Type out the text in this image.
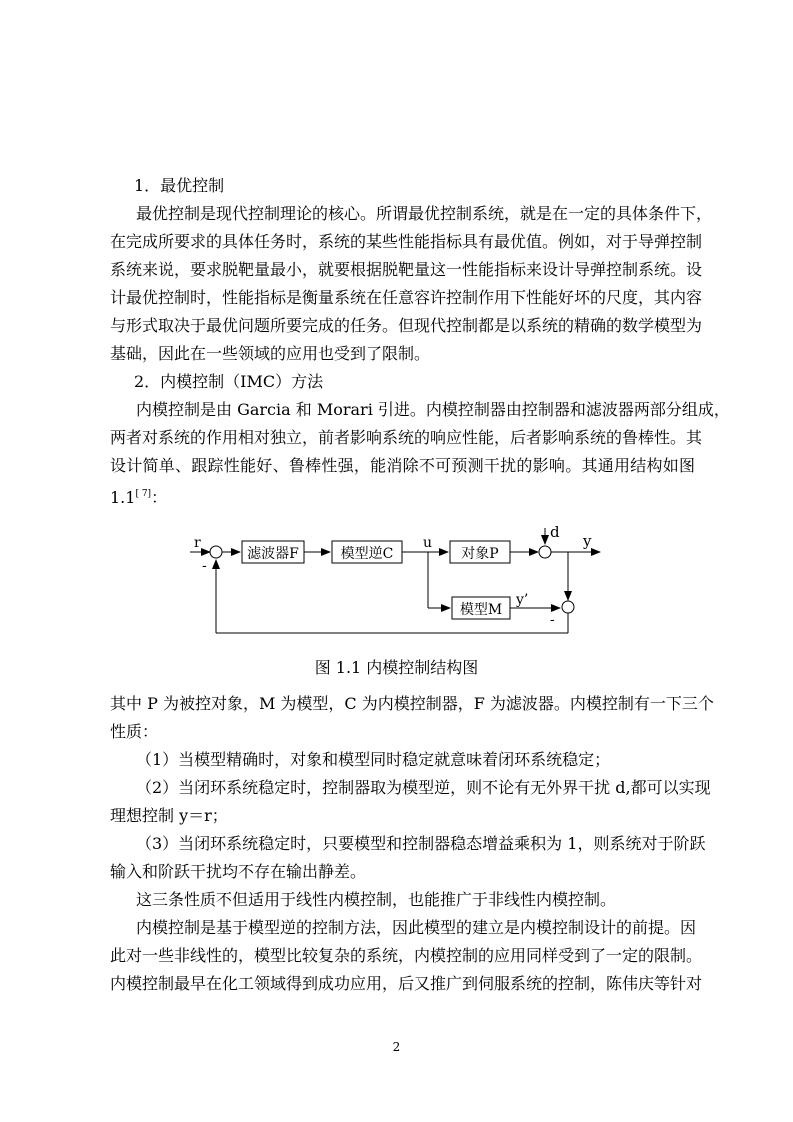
1．最优控制
最优控制是现代控制理论的核心。所谓最优控制系统，就是在一定的具体条件下，
在完成所要求的具体任务时，系统的某些性能指标具有最优值。例如，对于导弹控制
系统来说，要求脱靶量最小，就要根据脱靶量这一性能指标来设计导弹控制系统。设
计最优控制时，性能指标是衡量系统在任意容许控制作用下性能好坏的尺度，其内容
与形式取决于最优问题所要完成的任务。但现代控制都是以系统的精确的数学模型为
基础，因此在一些领域的应用也受到了限制。
2．内模控制（IMC）方法
内模控制是由 Garcia 和 Morari 引进。内模控制器由控制器和滤波器两部分组成，
两者对系统的作用相对独立，前者影响系统的响应性能，后者影响系统的鲁棒性。其
设计简单、跟踪性能好、鲁棒性强，能消除不可预测干扰的影响。其通用结构如图
1.1[ 7]：
r
-
滤波器F	模型逆C
u
对象P
d y
模型M
y’
-
图 1.1 内模控制结构图
其中 P 为被控对象，M 为模型，C 为内模控制器，F 为滤波器。内模控制有一下三个
性质：
（1）当模型精确时，对象和模型同时稳定就意味着闭环系统稳定；
（2）当闭环系统稳定时，控制器取为模型逆，则不论有无外界干扰 d,都可以实现
理想控制 y＝r；
（3）当闭环系统稳定时，只要模型和控制器稳态增益乘积为 1，则系统对于阶跃
输入和阶跃干扰均不存在输出静差。
这三条性质不但适用于线性内模控制，也能推广于非线性内模控制。
内模控制是基于模型逆的控制方法，因此模型的建立是内模控制设计的前提。因
此对一些非线性的，模型比较复杂的系统，内模控制的应用同样受到了一定的限制。
内模控制最早在化工领域得到成功应用，后又推广到伺服系统的控制，陈伟庆等针对
2
